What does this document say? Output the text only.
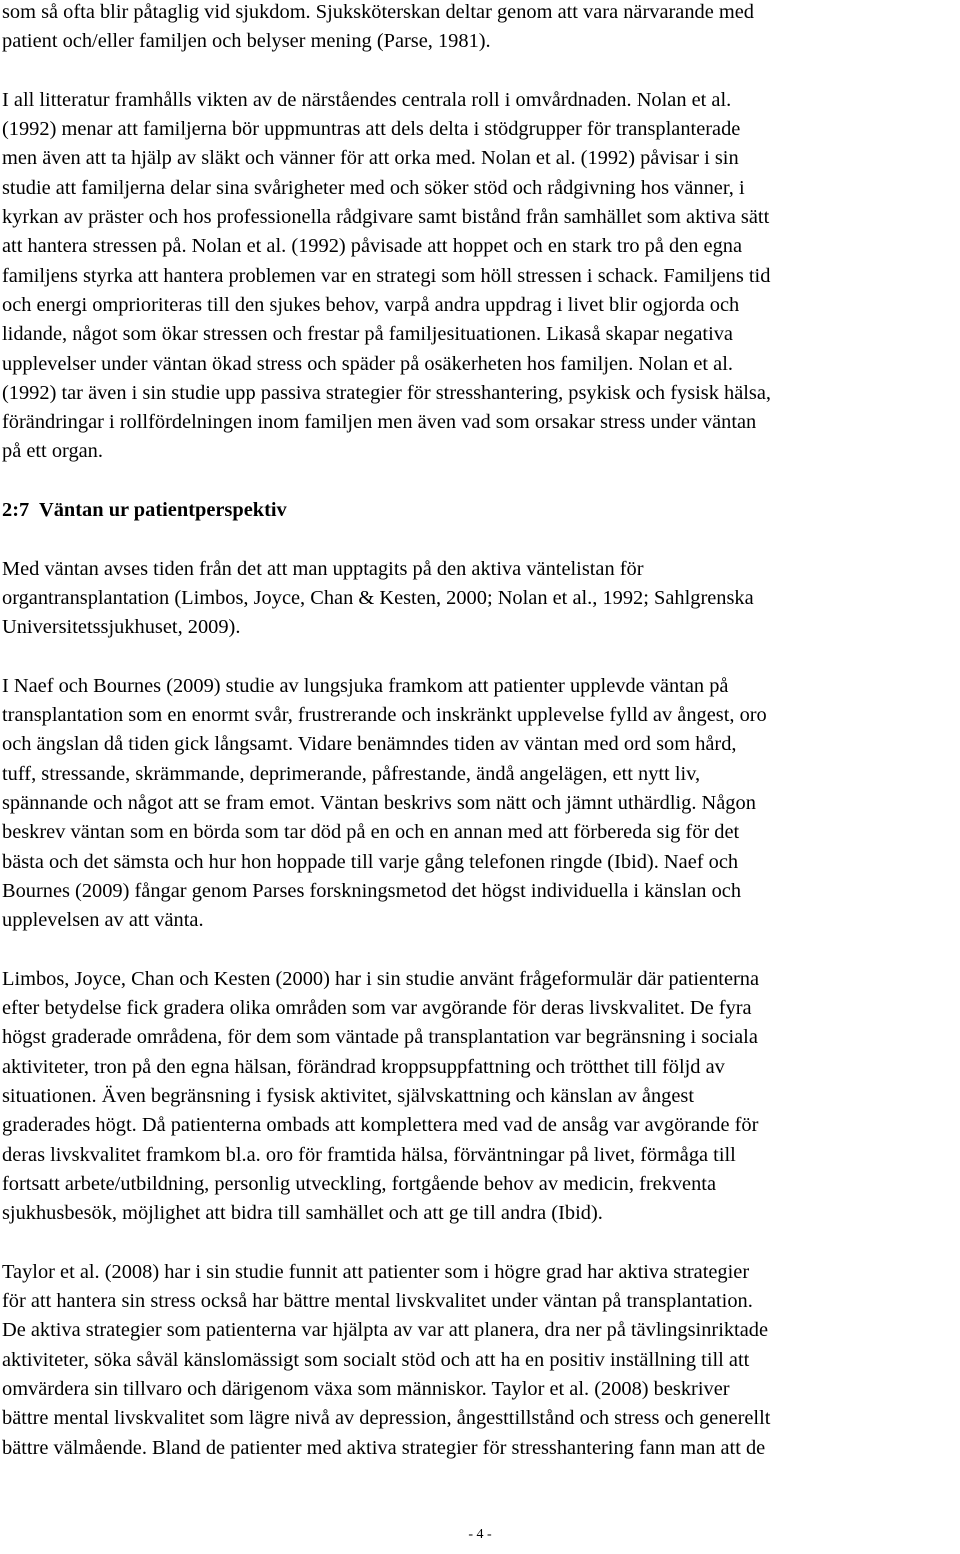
som så ofta blir påtaglig vid sjukdom. Sjuksköterskan deltar genom att vara närvarande med
patient och/eller familjen och belyser mening (Parse, 1981).

I all litteratur framhålls vikten av de närståendes centrala roll i omvårdnaden. Nolan et al.
(1992) menar att familjerna bör uppmuntras att dels delta i stödgrupper för transplanterade
men även att ta hjälp av släkt och vänner för att orka med. Nolan et al. (1992) påvisar i sin
studie att familjerna delar sina svårigheter med och söker stöd och rådgivning hos vänner, i
kyrkan av präster och hos professionella rådgivare samt bistånd från samhället som aktiva sätt
att hantera stressen på. Nolan et al. (1992) påvisade att hoppet och en stark tro på den egna
familjens styrka att hantera problemen var en strategi som höll stressen i schack. Familjens tid
och energi omprioriteras till den sjukes behov, varpå andra uppdrag i livet blir ogjorda och
lidande, något som ökar stressen och frestar på familjesituationen. Likaså skapar negativa
upplevelser under väntan ökad stress och späder på osäkerheten hos familjen. Nolan et al.
(1992) tar även i sin studie upp passiva strategier för stresshantering, psykisk och fysisk hälsa,
förändringar i rollfördelningen inom familjen men även vad som orsakar stress under väntan
på ett organ.

2:7  Väntan ur patientperspektiv

Med väntan avses tiden från det att man upptagits på den aktiva väntelistan för
organtransplantation (Limbos, Joyce, Chan & Kesten, 2000; Nolan et al., 1992; Sahlgrenska
Universitetssjukhuset, 2009).

I Naef och Bournes (2009) studie av lungsjuka framkom att patienter upplevde väntan på
transplantation som en enormt svår, frustrerande och inskränkt upplevelse fylld av ångest, oro
och ängslan då tiden gick långsamt. Vidare benämndes tiden av väntan med ord som hård,
tuff, stressande, skrämmande, deprimerande, påfrestande, ändå angelägen, ett nytt liv,
spännande och något att se fram emot. Väntan beskrivs som nätt och jämnt uthärdlig. Någon
beskrev väntan som en börda som tar död på en och en annan med att förbereda sig för det
bästa och det sämsta och hur hon hoppade till varje gång telefonen ringde (Ibid). Naef och
Bournes (2009) fångar genom Parses forskningsmetod det högst individuella i känslan och
upplevelsen av att vänta.

Limbos, Joyce, Chan och Kesten (2000) har i sin studie använt frågeformulär där patienterna
efter betydelse fick gradera olika områden som var avgörande för deras livskvalitet. De fyra
högst graderade områdena, för dem som väntade på transplantation var begränsning i sociala
aktiviteter, tron på den egna hälsan, förändrad kroppsuppfattning och trötthet till följd av
situationen. Även begränsning i fysisk aktivitet, självskattning och känslan av ångest
graderades högt. Då patienterna ombads att komplettera med vad de ansåg var avgörande för
deras livskvalitet framkom bl.a. oro för framtida hälsa, förväntningar på livet, förmåga till
fortsatt arbete/utbildning, personlig utveckling, fortgående behov av medicin, frekventa
sjukhusbesök, möjlighet att bidra till samhället och att ge till andra (Ibid).

Taylor et al. (2008) har i sin studie funnit att patienter som i högre grad har aktiva strategier
för att hantera sin stress också har bättre mental livskvalitet under väntan på transplantation.
De aktiva strategier som patienterna var hjälpta av var att planera, dra ner på tävlingsinriktade
aktiviteter, söka såväl känslomässigt som socialt stöd och att ha en positiv inställning till att
omvärdera sin tillvaro och därigenom växa som människor. Taylor et al. (2008) beskriver
bättre mental livskvalitet som lägre nivå av depression, ångesttillstånd och stress och generellt
bättre välmående. Bland de patienter med aktiva strategier för stresshantering fann man att de

- 4 -
